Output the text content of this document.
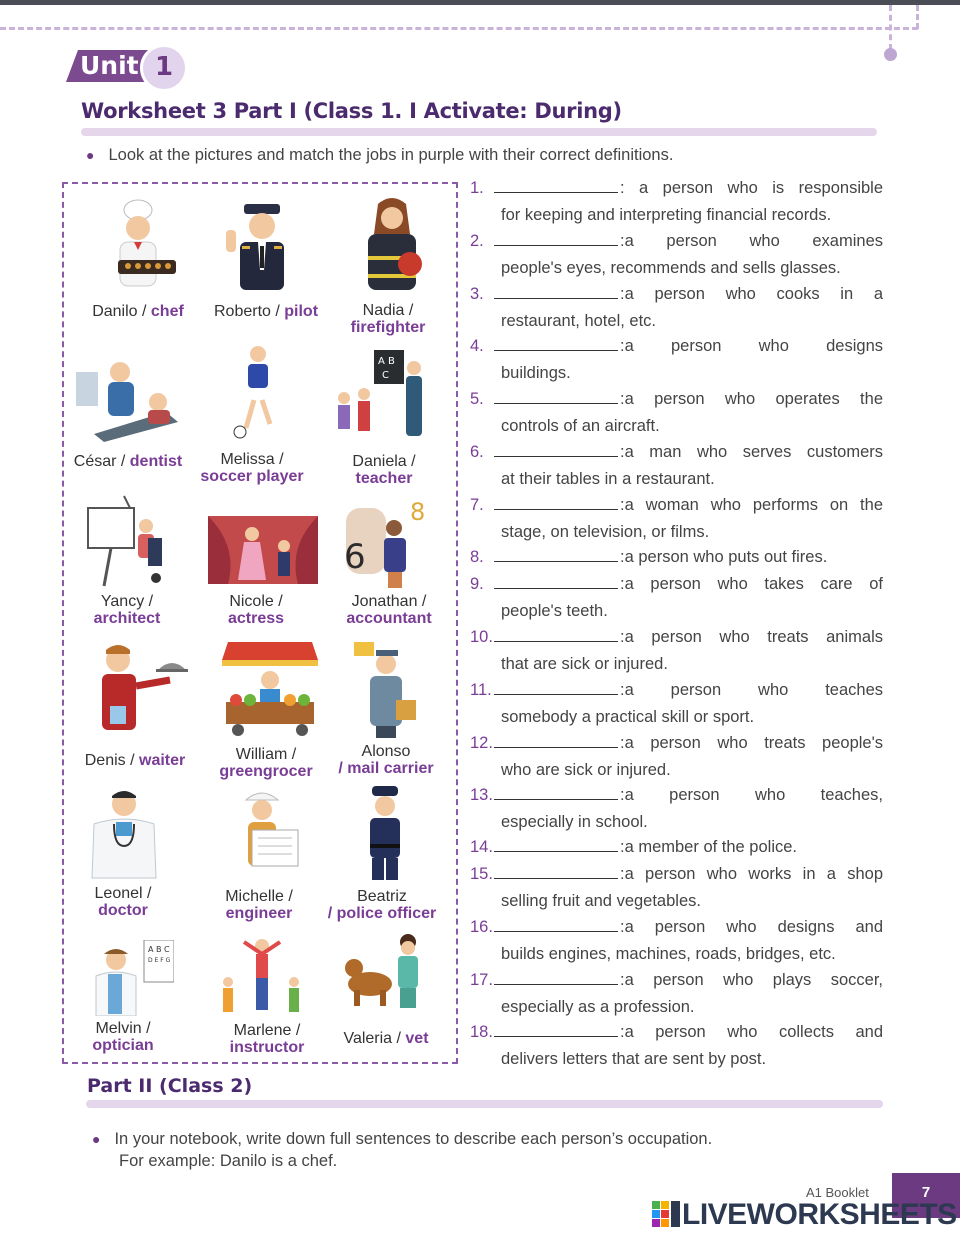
Unit 1
Worksheet 3 Part I (Class 1. I Activate: During)
● Look at the pictures and match the jobs in purple with their correct definitions.
Danilo / chef	Roberto / pilot	Nadia /
firefighter
A B
C
César / dentist	Melissa /
soccer player
Daniela /
teacher
6
8
Yancy /
architect
Nicole /
actress
Jonathan /
accountant
Denis / waiter	William /
greengrocer
Alonso
/ mail carrier
Leonel /
doctor
Michelle /
engineer
Beatriz
/ police officer
A B C
D E F G
Melvin /
optician
Marlene /
instructor
Valeria / vet
1.	: a person who is responsible
for keeping and interpreting financial records.
2.	:a person who examines
people's eyes, recommends and sells glasses.
3.	:a person who cooks in a
restaurant, hotel, etc.
4.	:a person who designs
buildings.
5.	:a person who operates the
controls of an aircraft.
6.	:a man who serves customers
at their tables in a restaurant.
7.	:a woman who performs on the
stage, on television, or films.
8.	:a person who puts out fires.
9.	:a person who takes care of
people's teeth.
10.	:a person who treats animals
that are sick or injured.
11.	:a person who teaches
somebody a practical skill or sport.
12.	:a person who treats people's
who are sick or injured.
13.	:a person who teaches,
especially in school.
14.	:a member of the police.
15.	:a person who works in a shop
selling fruit and vegetables.
16.	:a person who designs and
builds engines, machines, roads, bridges, etc.
17.	:a person who plays soccer,
especially as a profession.
18.	:a person who collects and
delivers letters that are sent by post.
Part II (Class 2)
● In your notebook, write down full sentences to describe each person’s occupation.
For example: Danilo is a chef.
A1 Booklet	7
LIVEWORKSHEETS
